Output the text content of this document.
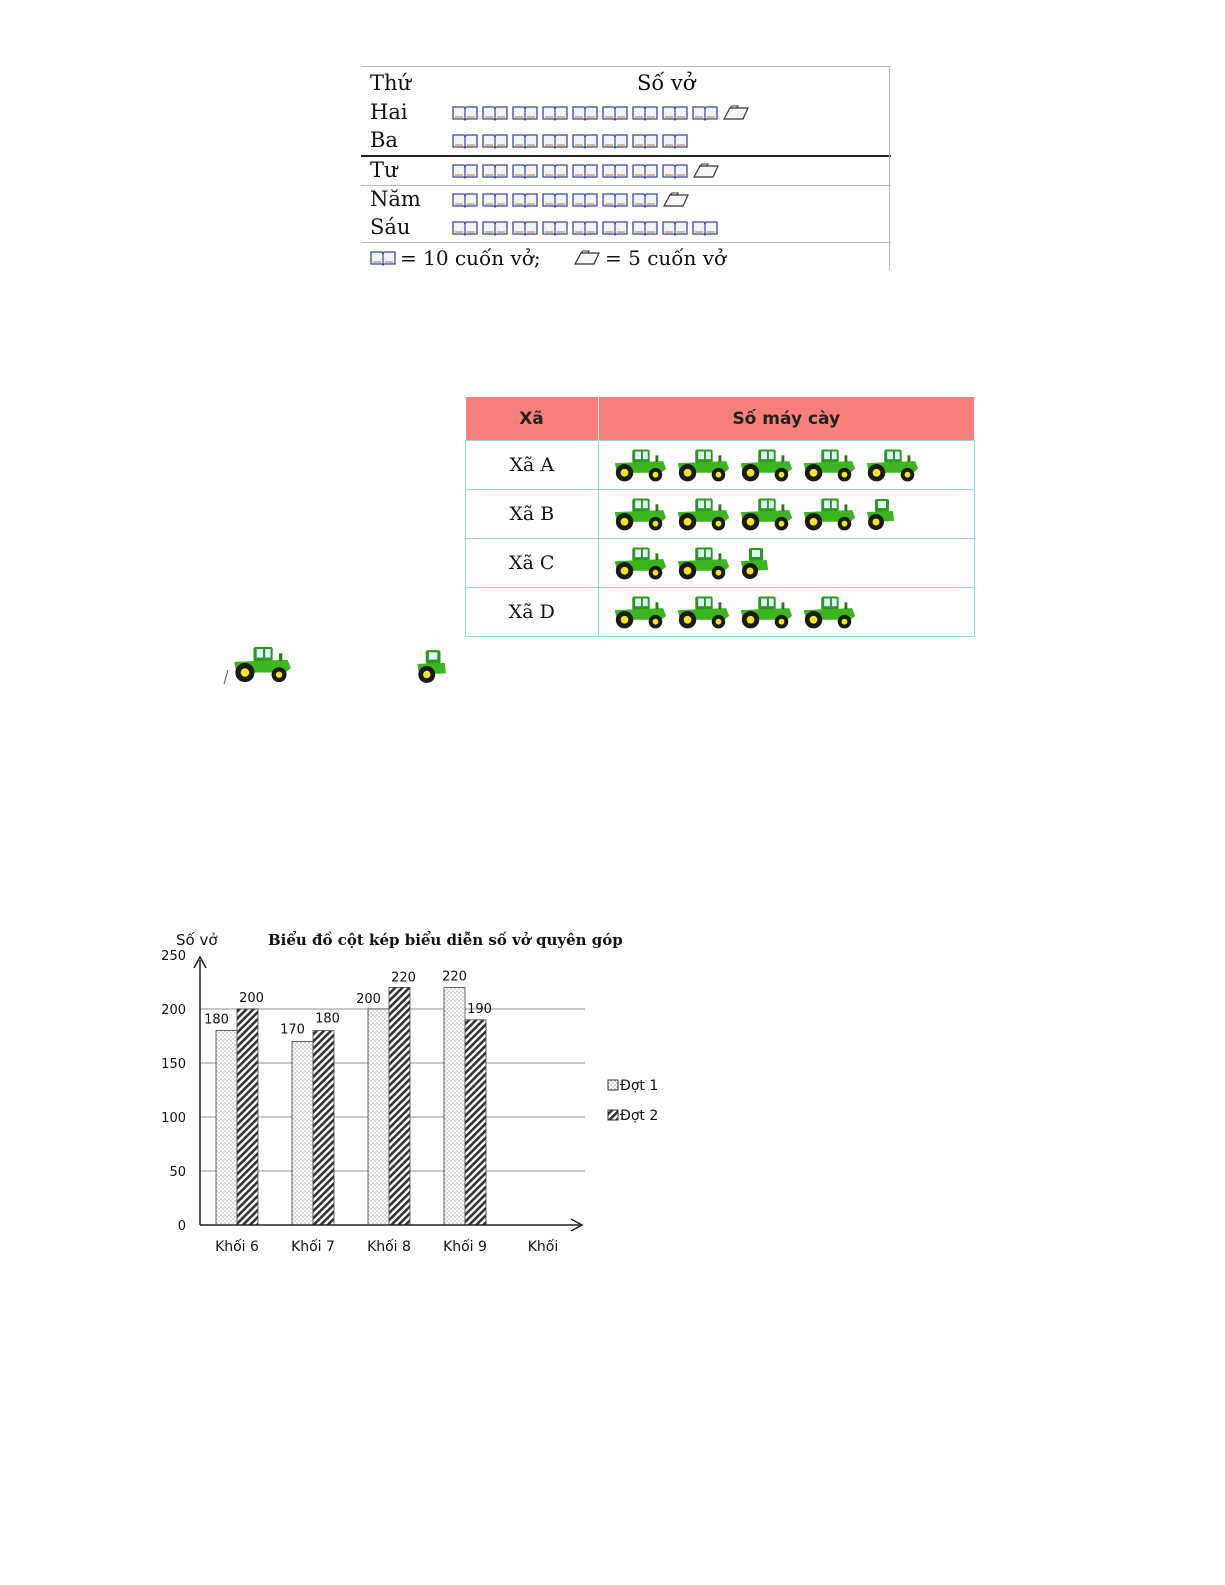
Thứ	Số vở
Hai
Ba
Tư
Năm
Sáu
= 10 cuốn vở;	= 5 cuốn vở
Xã	Số máy cày
Xã A	

Xã B	

Xã C	

Xã D	
Số vở	Biểu đồ cột kép biểu diễn số vở quyên góp
0
50
100
150
200
250
180
200
Khối 6
170
180
Khối 7
200
220
Khối 8
220
190
Khối 9	Khối
Đợt 1
Đợt 2
